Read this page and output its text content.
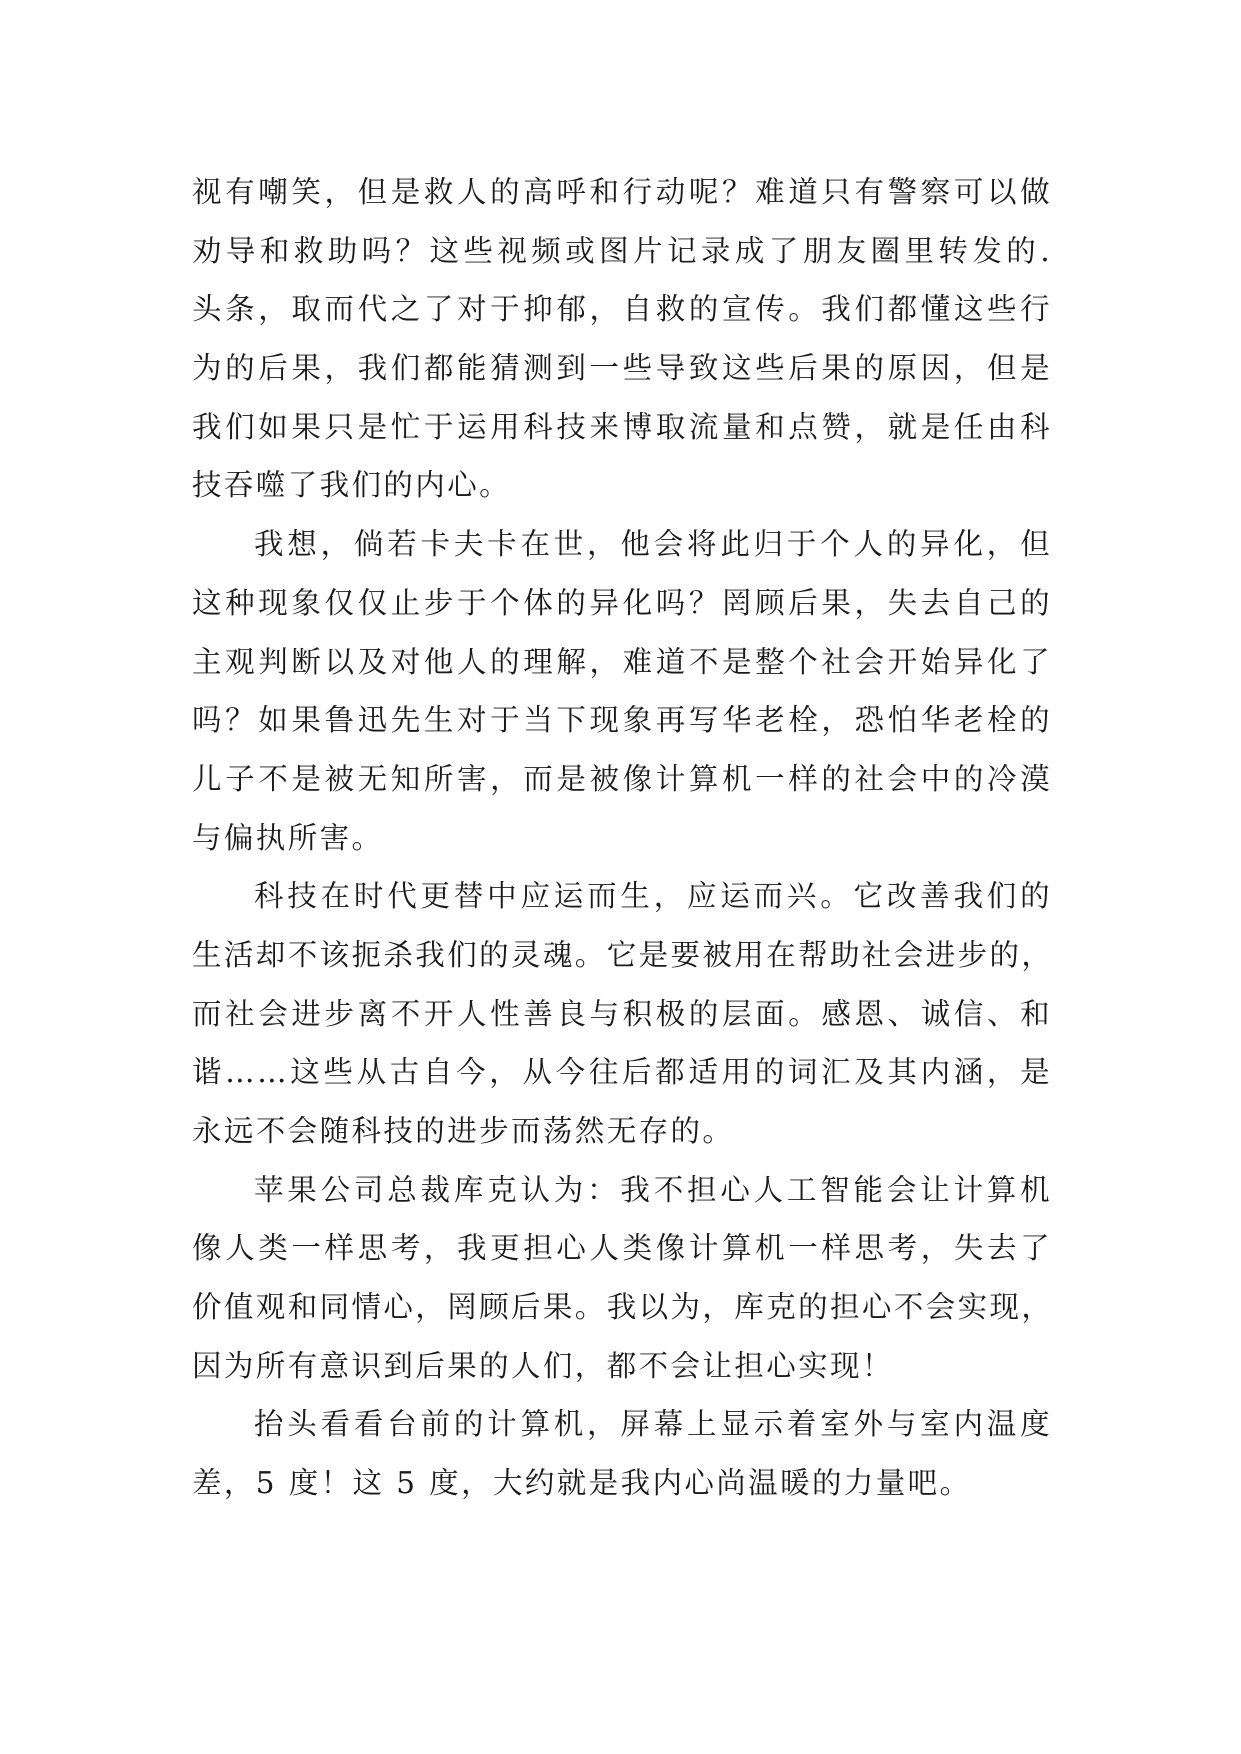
视有嘲笑，但是救人的高呼和行动呢？难道只有警察可以做
劝导和救助吗？这些视频或图片记录成了朋友圈里转发的.
头条，取而代之了对于抑郁，自救的宣传。我们都懂这些行
为的后果，我们都能猜测到一些导致这些后果的原因，但是
我们如果只是忙于运用科技来博取流量和点赞，就是任由科
技吞噬了我们的内心。
我想，倘若卡夫卡在世，他会将此归于个人的异化，但
这种现象仅仅止步于个体的异化吗？罔顾后果，失去自己的
主观判断以及对他人的理解，难道不是整个社会开始异化了
吗？如果鲁迅先生对于当下现象再写华老栓，恐怕华老栓的
儿子不是被无知所害，而是被像计算机一样的社会中的冷漠
与偏执所害。
科技在时代更替中应运而生，应运而兴。它改善我们的
生活却不该扼杀我们的灵魂。它是要被用在帮助社会进步的，
而社会进步离不开人性善良与积极的层面。感恩、诚信、和
谐……这些从古自今，从今往后都适用的词汇及其内涵，是
永远不会随科技的进步而荡然无存的。
苹果公司总裁库克认为：我不担心人工智能会让计算机
像人类一样思考，我更担心人类像计算机一样思考，失去了
价值观和同情心，罔顾后果。我以为，库克的担心不会实现，
因为所有意识到后果的人们，都不会让担心实现！
抬头看看台前的计算机，屏幕上显示着室外与室内温度
差，5 度！这 5 度，大约就是我内心尚温暖的力量吧。
